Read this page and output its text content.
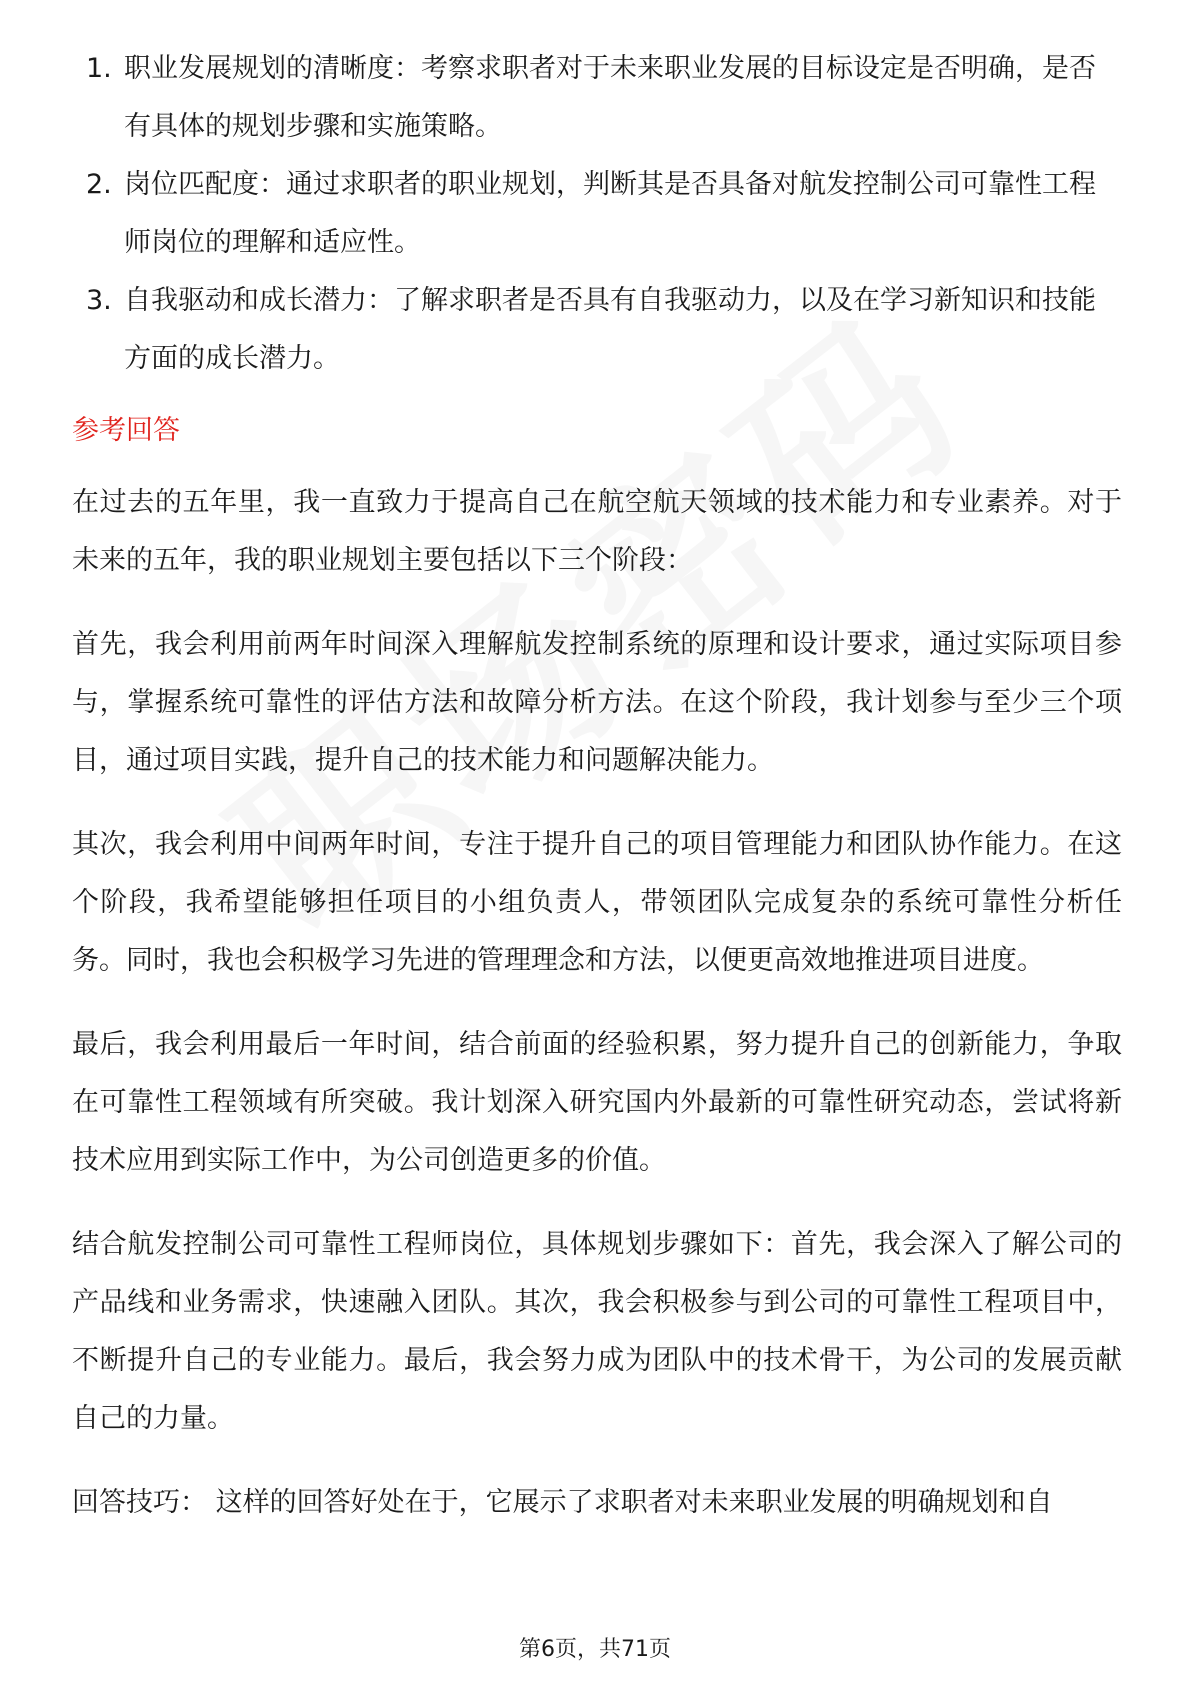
1. 职业发展规划的清晰度：考察求职者对于未来职业发展的目标设定是否明确，是否有具体的规划步骤和实施策略。
2. 岗位匹配度：通过求职者的职业规划，判断其是否具备对航发控制公司可靠性工程师岗位的理解和适应性。
3. 自我驱动和成长潜力：了解求职者是否具有自我驱动力，以及在学习新知识和技能方面的成长潜力。
参考回答

在过去的五年里，我一直致力于提高自己在航空航天领域的技术能力和专业素养。对于未来的五年，我的职业规划主要包括以下三个阶段：

首先，我会利用前两年时间深入理解航发控制系统的原理和设计要求，通过实际项目参与，掌握系统可靠性的评估方法和故障分析方法。在这个阶段，我计划参与至少三个项目，通过项目实践，提升自己的技术能力和问题解决能力。

其次，我会利用中间两年时间，专注于提升自己的项目管理能力和团队协作能力。在这个阶段，我希望能够担任项目的小组负责人，带领团队完成复杂的系统可靠性分析任务。同时，我也会积极学习先进的管理理念和方法，以便更高效地推进项目进度。

最后，我会利用最后一年时间，结合前面的经验积累，努力提升自己的创新能力，争取在可靠性工程领域有所突破。我计划深入研究国内外最新的可靠性研究动态，尝试将新技术应用到实际工作中，为公司创造更多的价值。

结合航发控制公司可靠性工程师岗位，具体规划步骤如下：首先，我会深入了解公司的产品线和业务需求，快速融入团队。其次，我会积极参与到公司的可靠性工程项目中，不断提升自己的专业能力。最后，我会努力成为团队中的技术骨干，为公司的发展贡献自己的力量。

回答技巧： 这样的回答好处在于，它展示了求职者对未来职业发展的明确规划和自

第6页，共71页
